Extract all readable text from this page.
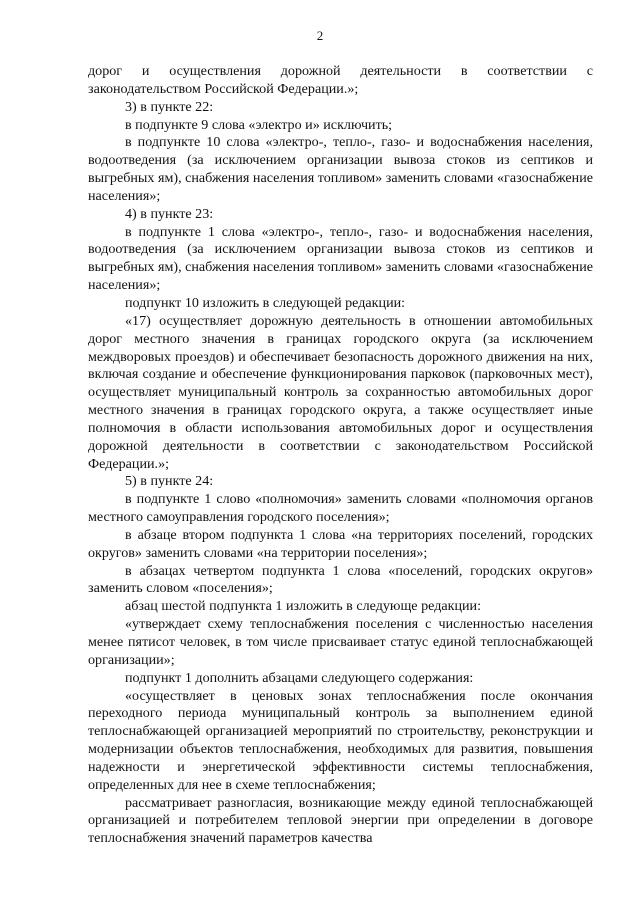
2

дорог и осуществления дорожной деятельности в соответствии с законодательством Российской Федерации.»;

3) в пункте 22:

в подпункте 9 слова «электро и» исключить;

в подпункте 10 слова «электро-, тепло-, газо- и водоснабжения населения, водоотведения (за исключением организации вывоза стоков из септиков и выгребных ям), снабжения населения топливом» заменить словами «газоснабжение населения»;

4) в пункте 23:

в подпункте 1 слова «электро-, тепло-, газо- и водоснабжения населения, водоотведения (за исключением организации вывоза стоков из септиков и выгребных ям), снабжения населения топливом» заменить словами «газоснабжение населения»;

подпункт 10 изложить в следующей редакции:

«17) осуществляет дорожную деятельность в отношении автомобильных дорог местного значения в границах городского округа (за исключением междворовых проездов) и обеспечивает безопасность дорожного движения на них, включая создание и обеспечение функционирования парковок (парковочных мест), осуществляет муниципальный контроль за сохранностью автомобильных дорог местного значения в границах городского округа, а также осуществляет иные полномочия в области использования автомобильных дорог и осуществления дорожной деятельности в соответствии с законодательством Российской Федерации.»;

5) в пункте 24:

в подпункте 1 слово «полномочия» заменить словами «полномочия органов местного самоуправления городского поселения»;

в абзаце втором подпункта 1 слова «на территориях поселений, городских округов» заменить словами «на территории поселения»;

в абзацах четвертом подпункта 1 слова «поселений, городских округов» заменить словом «поселения»;

абзац шестой подпункта 1 изложить в следующе редакции:

«утверждает схему теплоснабжения поселения с численностью населения менее пятисот человек, в том числе присваивает статус единой теплоснабжающей организации»;

подпункт 1 дополнить абзацами следующего содержания:

«осуществляет в ценовых зонах теплоснабжения после окончания переходного периода муниципальный контроль за выполнением единой теплоснабжающей организацией мероприятий по строительству, реконструкции и модернизации объектов теплоснабжения, необходимых для развития, повышения надежности и энергетической эффективности системы теплоснабжения, определенных для нее в схеме теплоснабжения;

рассматривает разногласия, возникающие между единой теплоснабжающей организацией и потребителем тепловой энергии при определении в договоре теплоснабжения значений параметров качества
